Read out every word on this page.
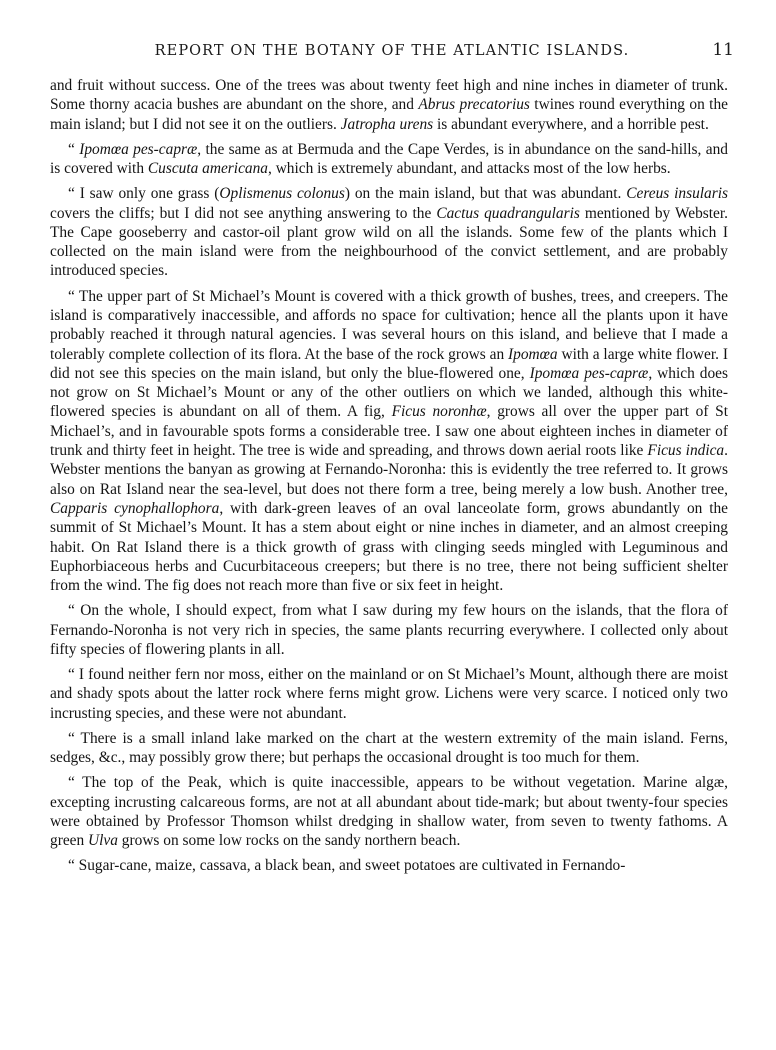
REPORT ON THE BOTANY OF THE ATLANTIC ISLANDS.	11

and fruit without success. One of the trees was about twenty feet high and nine inches in diameter of trunk. Some thorny acacia bushes are abundant on the shore, and Abrus precatorius twines round everything on the main island; but I did not see it on the outliers. Jatropha urens is abundant everywhere, and a horrible pest.

“ Ipomœa pes-capræ, the same as at Bermuda and the Cape Verdes, is in abundance on the sand-hills, and is covered with Cuscuta americana, which is extremely abundant, and attacks most of the low herbs.

“ I saw only one grass (Oplismenus colonus) on the main island, but that was abundant. Cereus insularis covers the cliffs; but I did not see anything answering to the Cactus quadrangularis mentioned by Webster. The Cape gooseberry and castor-oil plant grow wild on all the islands. Some few of the plants which I collected on the main island were from the neighbourhood of the convict settlement, and are probably introduced species.

“ The upper part of St Michael’s Mount is covered with a thick growth of bushes, trees, and creepers. The island is comparatively inaccessible, and affords no space for cultivation; hence all the plants upon it have probably reached it through natural agencies. I was several hours on this island, and believe that I made a tolerably complete collection of its flora. At the base of the rock grows an Ipomœa with a large white flower. I did not see this species on the main island, but only the blue-flowered one, Ipomœa pes-capræ, which does not grow on St Michael’s Mount or any of the other outliers on which we landed, although this white-flowered species is abundant on all of them. A fig, Ficus noronhæ, grows all over the upper part of St Michael’s, and in favourable spots forms a considerable tree. I saw one about eighteen inches in diameter of trunk and thirty feet in height. The tree is wide and spreading, and throws down aerial roots like Ficus indica. Webster mentions the banyan as growing at Fernando-Noronha: this is evidently the tree referred to. It grows also on Rat Island near the sea-level, but does not there form a tree, being merely a low bush. Another tree, Capparis cynophallophora, with dark-green leaves of an oval lanceolate form, grows abundantly on the summit of St Michael’s Mount. It has a stem about eight or nine inches in diameter, and an almost creeping habit. On Rat Island there is a thick growth of grass with clinging seeds mingled with Leguminous and Euphorbiaceous herbs and Cucurbitaceous creepers; but there is no tree, there not being sufficient shelter from the wind. The fig does not reach more than five or six feet in height.

“ On the whole, I should expect, from what I saw during my few hours on the islands, that the flora of Fernando-Noronha is not very rich in species, the same plants recurring everywhere. I collected only about fifty species of flowering plants in all.

“ I found neither fern nor moss, either on the mainland or on St Michael’s Mount, although there are moist and shady spots about the latter rock where ferns might grow. Lichens were very scarce. I noticed only two incrusting species, and these were not abundant.

“ There is a small inland lake marked on the chart at the western extremity of the main island. Ferns, sedges, &c., may possibly grow there; but perhaps the occasional drought is too much for them.

“ The top of the Peak, which is quite inaccessible, appears to be without vegetation. Marine algæ, excepting incrusting calcareous forms, are not at all abundant about tide-mark; but about twenty-four species were obtained by Professor Thomson whilst dredging in shallow water, from seven to twenty fathoms. A green Ulva grows on some low rocks on the sandy northern beach.

“ Sugar-cane, maize, cassava, a black bean, and sweet potatoes are cultivated in Fernando-
